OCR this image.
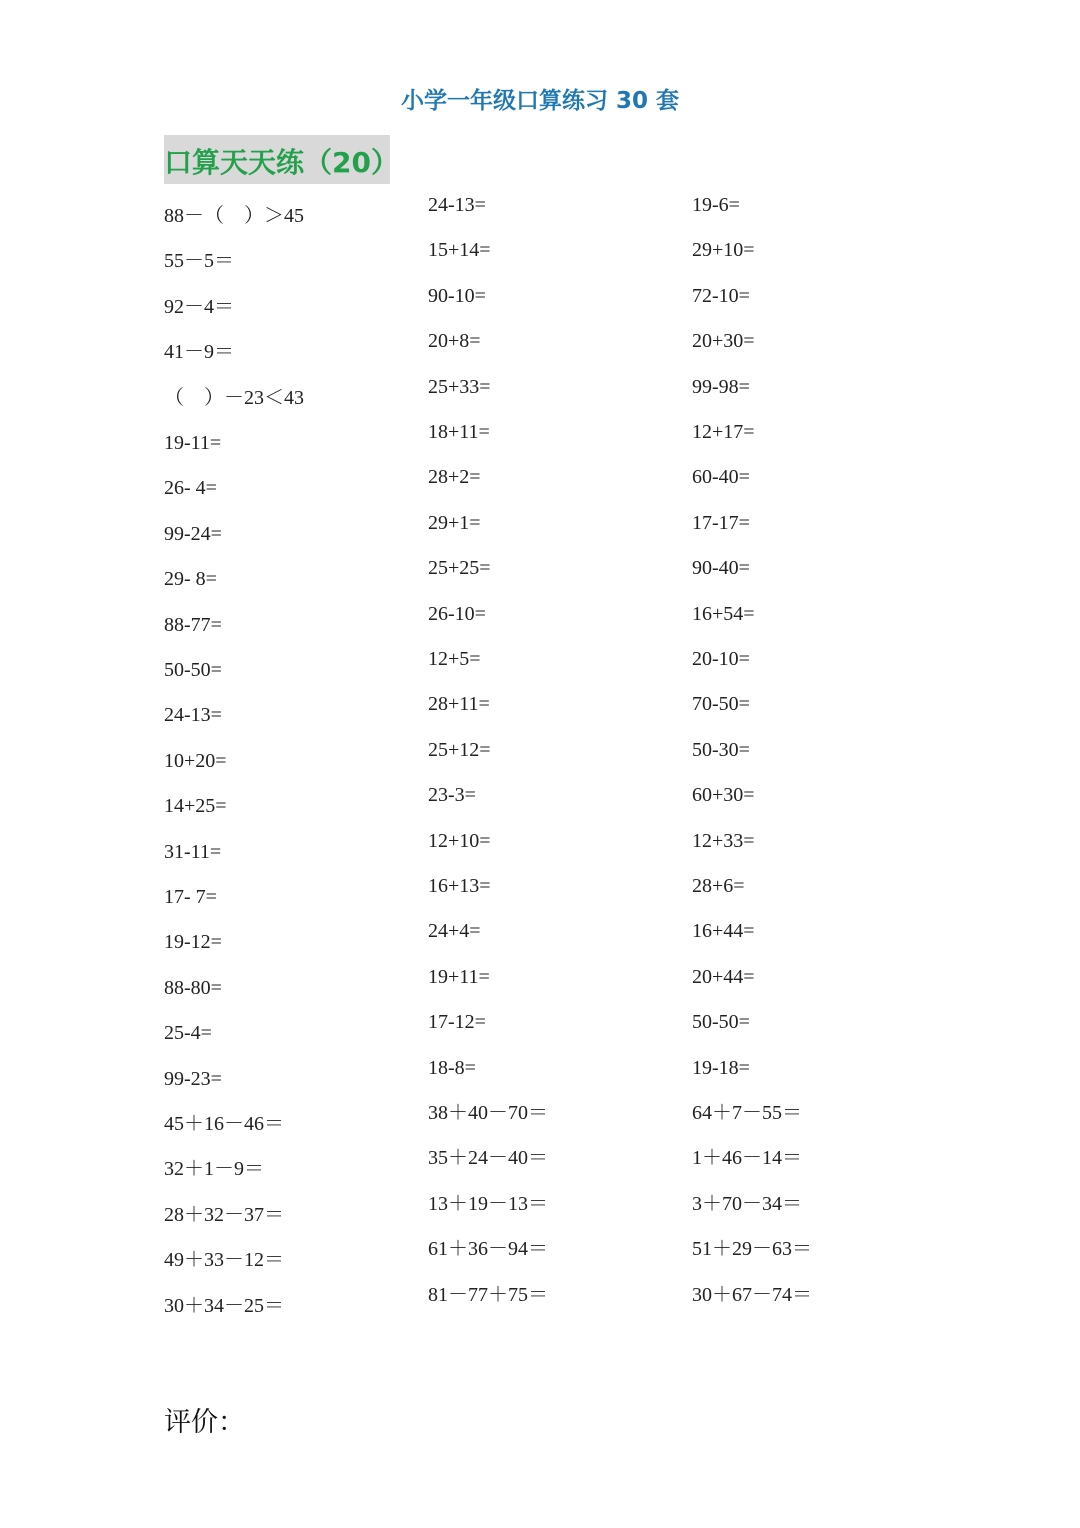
小学一年级口算练习 30 套
口算天天练（20）
88－（　）＞45
55－5＝
92－4＝
41－9＝
（　）－23＜43
19-11=
26- 4=
99-24=
29- 8=
88-77=
50-50=
24-13=
10+20=
14+25=
31-11=
17- 7=
19-12=
88-80=
25-4=
99-23=
45＋16－46＝
32＋1－9＝
28＋32－37＝
49＋33－12＝
30＋34－25＝
24-13=
15+14=
90-10=
20+8=
25+33=
18+11=
28+2=
29+1=
25+25=
26-10=
12+5=
28+11=
25+12=
23-3=
12+10=
16+13=
24+4=
19+11=
17-12=
18-8=
38＋40－70＝
35＋24－40＝
13＋19－13＝
61＋36－94＝
81－77＋75＝
19-6=
29+10=
72-10=
20+30=
99-98=
12+17=
60-40=
17-17=
90-40=
16+54=
20-10=
70-50=
50-30=
60+30=
12+33=
28+6=
16+44=
20+44=
50-50=
19-18=
64＋7－55＝
1＋46－14＝
3＋70－34＝
51＋29－63＝
30＋67－74＝
评价：
